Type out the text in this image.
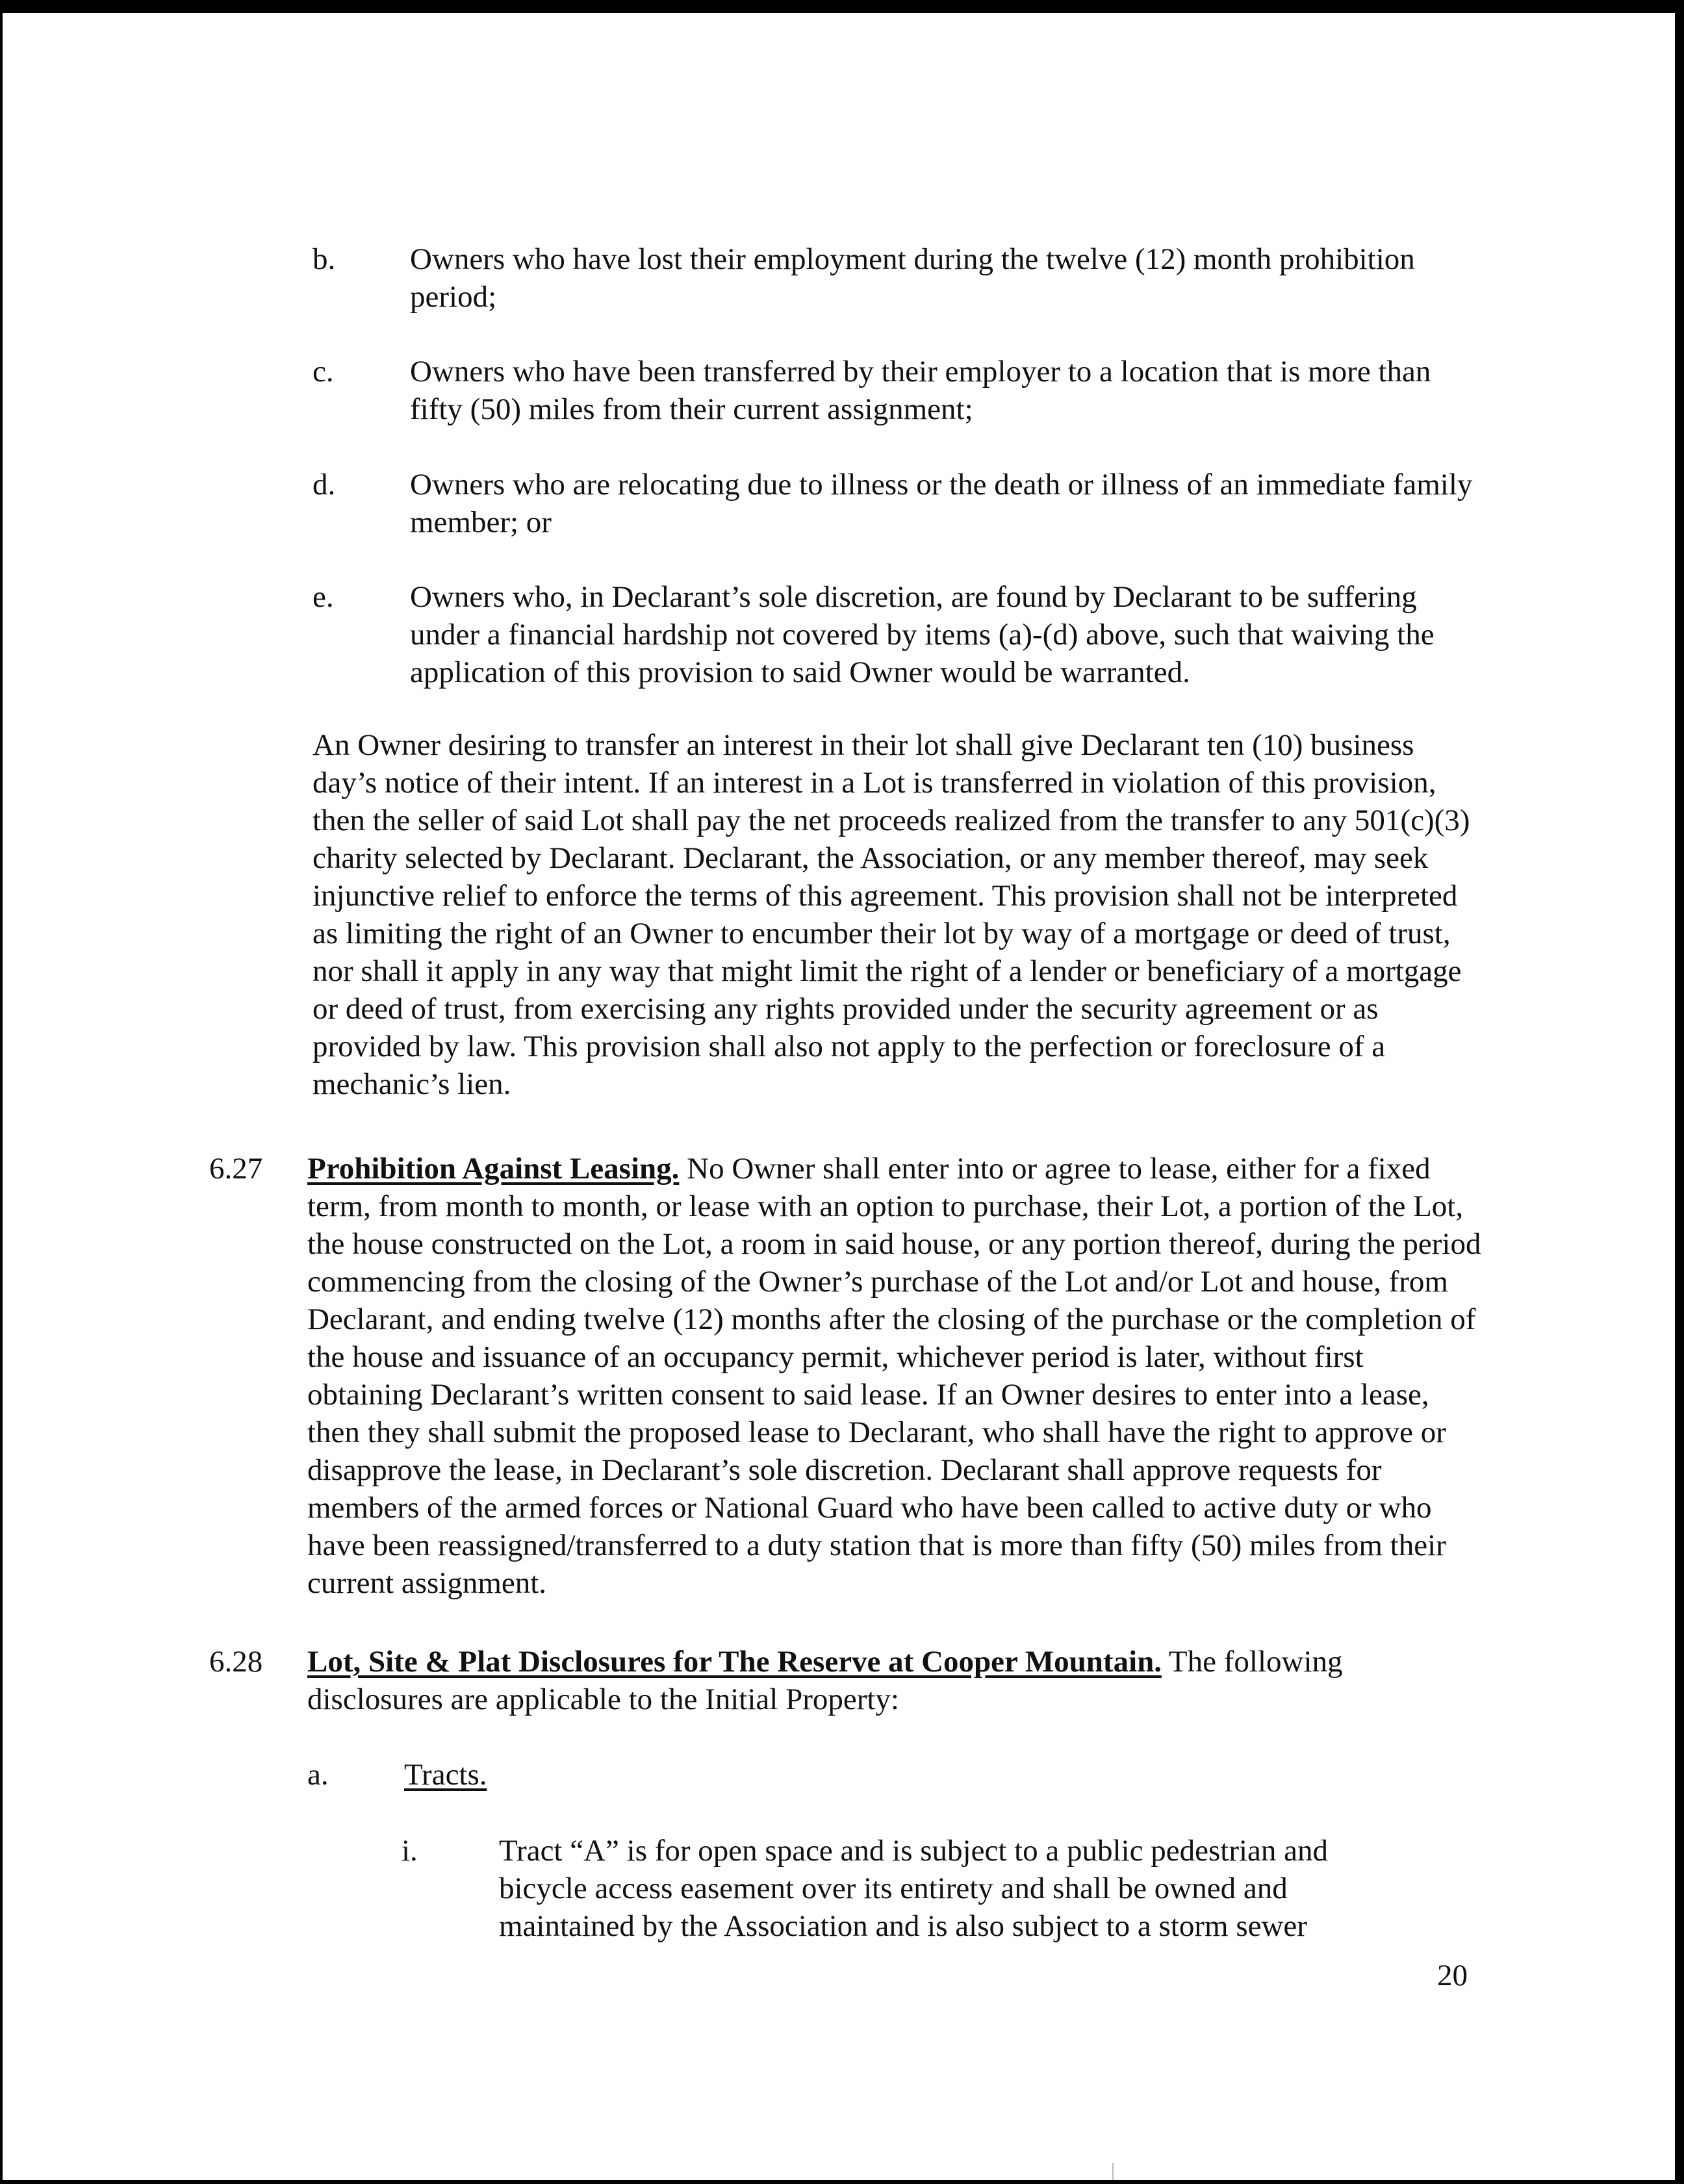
b. Owners who have lost their employment during the twelve (12) month prohibition period;

c. Owners who have been transferred by their employer to a location that is more than fifty (50) miles from their current assignment;

d. Owners who are relocating due to illness or the death or illness of an immediate family member; or

e. Owners who, in Declarant’s sole discretion, are found by Declarant to be suffering under a financial hardship not covered by items (a)-(d) above, such that waiving the application of this provision to said Owner would be warranted.

An Owner desiring to transfer an interest in their lot shall give Declarant ten (10) business day’s notice of their intent. If an interest in a Lot is transferred in violation of this provision, then the seller of said Lot shall pay the net proceeds realized from the transfer to any 501(c)(3) charity selected by Declarant. Declarant, the Association, or any member thereof, may seek injunctive relief to enforce the terms of this agreement. This provision shall not be interpreted as limiting the right of an Owner to encumber their lot by way of a mortgage or deed of trust, nor shall it apply in any way that might limit the right of a lender or beneficiary of a mortgage or deed of trust, from exercising any rights provided under the security agreement or as provided by law. This provision shall also not apply to the perfection or foreclosure of a mechanic’s lien.

6.27 Prohibition Against Leasing. No Owner shall enter into or agree to lease, either for a fixed term, from month to month, or lease with an option to purchase, their Lot, a portion of the Lot, the house constructed on the Lot, a room in said house, or any portion thereof, during the period commencing from the closing of the Owner’s purchase of the Lot and/or Lot and house, from Declarant, and ending twelve (12) months after the closing of the purchase or the completion of the house and issuance of an occupancy permit, whichever period is later, without first obtaining Declarant’s written consent to said lease. If an Owner desires to enter into a lease, then they shall submit the proposed lease to Declarant, who shall have the right to approve or disapprove the lease, in Declarant’s sole discretion. Declarant shall approve requests for members of the armed forces or National Guard who have been called to active duty or who have been reassigned/transferred to a duty station that is more than fifty (50) miles from their current assignment.

6.28 Lot, Site & Plat Disclosures for The Reserve at Cooper Mountain. The following disclosures are applicable to the Initial Property:

a. Tracts.
i.	Tract “A” is for open space and is subject to a public pedestrian and bicycle access easement over its entirety and shall be owned and maintained by the Association and is also subject to a storm sewer

20
